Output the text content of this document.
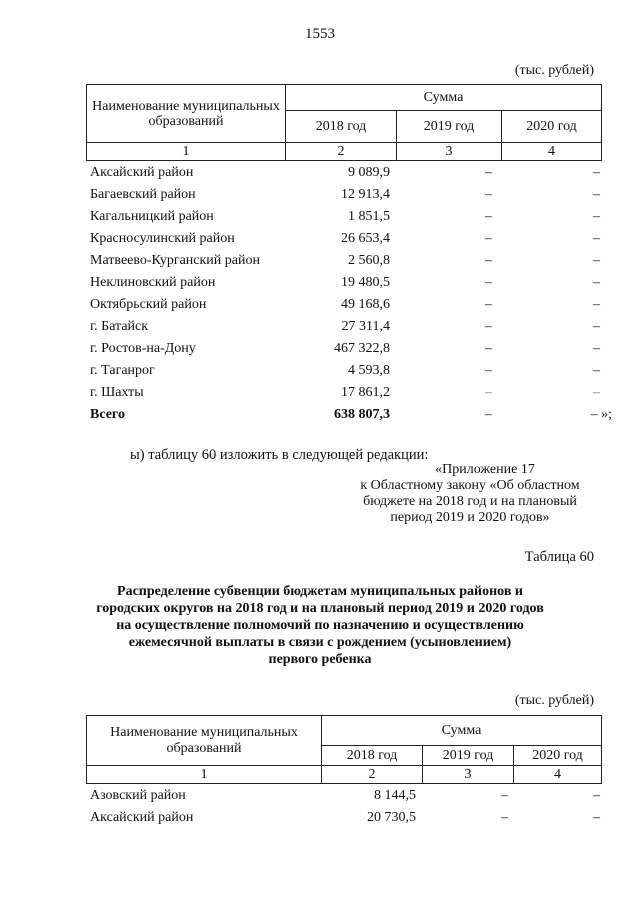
1553
(тыс. рублей)
Наименование муниципальных образований	Сумма		
	2018 год	2019 год	2020 год
1	2	3	4
Аксайский район	9 089,9	–	–
Багаевский район	12 913,4	–	–
Кагальницкий район	1 851,5	–	–
Красносулинский район	26 653,4	–	–
Матвеево-Курганский район	2 560,8	–	–
Неклиновский район	19 480,5	–	–
Октябрьский район	49 168,6	–	–
г. Батайск	27 311,4	–	–
г. Ростов-на-Дону	467 322,8	–	–
г. Таганрог	4 593,8	–	–
г. Шахты	17 861,2	–	–
Всего	638 807,3	–	– »;
ы) таблицу 60 изложить в следующей редакции:
«Приложение 17
к Областному закону «Об областном
бюджете на 2018 год и на плановый
период 2019 и 2020 годов»
Таблица 60
Распределение субвенции бюджетам муниципальных районов и
городских округов на 2018 год и на плановый период 2019 и 2020 годов
на осуществление полномочий по назначению и осуществлению
ежемесячной выплаты в связи с рождением (усыновлением)
первого ребенка
(тыс. рублей)
Наименование муниципальных образований	Сумма		
	2018 год	2019 год	2020 год
1	2	3	4
Азовский район	8 144,5	–	–
Аксайский район	20 730,5	–	–
